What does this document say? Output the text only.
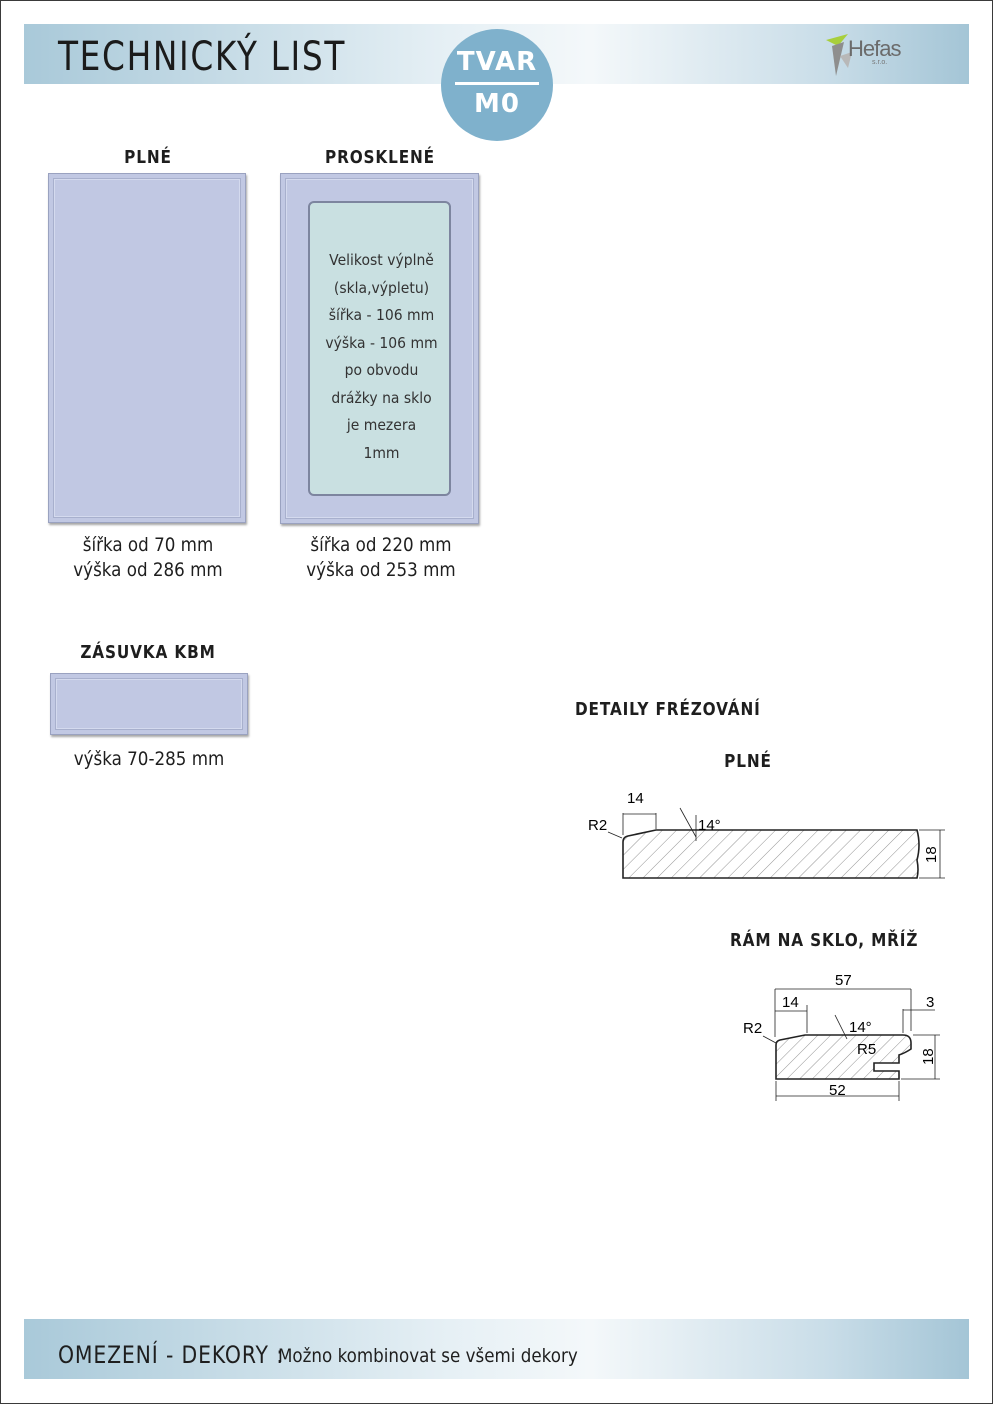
TECHNICKÝ LIST	TVAR
M0
Hefas
s.r.o.
PLNÉ
šířka od 70 mm
výška od 286 mm
PROSKLENÉ
Velikost výplně
(skla,výpletu)
šířka - 106 mm
výška - 106 mm
po obvodu
drážky na sklo
je mezera
1mm
šířka od 220 mm
výška od 253 mm
ZÁSUVKA KBM
výška 70-285 mm
DETAILY FRÉZOVÁNÍ
PLNÉ
14
14°
R2
18
RÁM NA SKLO, MŘÍŽ
57
14	3
R2	14°
R5	18
52
OMEZENÍ - DEKORY :
Možno kombinovat se všemi dekory
